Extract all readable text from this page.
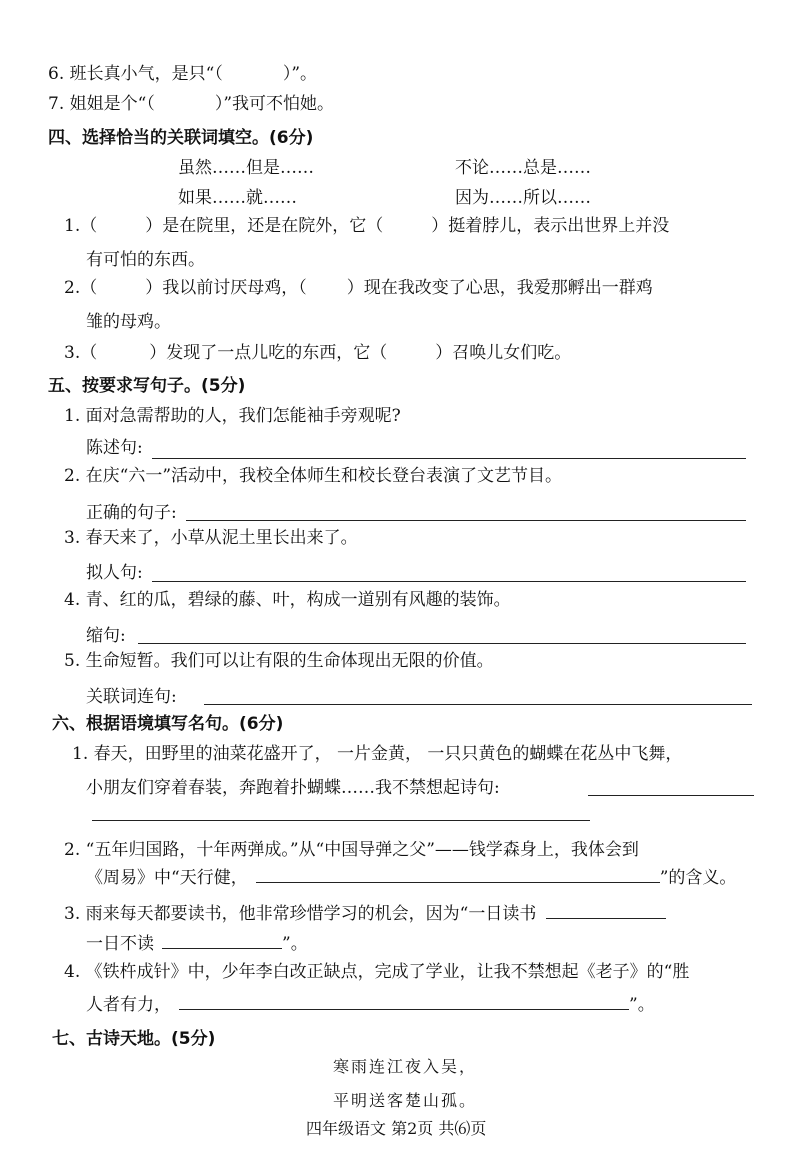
6. 班长真小气，是只“（	）”。
7. 姐姐是个“（	）”我可不怕她。
四、选择恰当的关联词填空。(6分)
虽然……但是……	不论……总是……
如果……就……	因为……所以……
1.（	）是在院里，还是在院外，它（	）挺着脖儿，表示出世界上并没
有可怕的东西。
2.（	）我以前讨厌母鸡，（ ）现在我改变了心思，我爱那孵出一群鸡
雏的母鸡。
3.（	）发现了一点儿吃的东西，它（	）召唤儿女们吃。
五、按要求写句子。(5分)
1. 面对急需帮助的人，我们怎能袖手旁观呢?
陈述句:
2. 在庆“六一”活动中，我校全体师生和校长登台表演了文艺节目。
正确的句子:
3. 春天来了，小草从泥土里长出来了。
拟人句:
4. 青、红的瓜，碧绿的藤、叶，构成一道别有风趣的装饰。
缩句:
5. 生命短暂。我们可以让有限的生命体现出无限的价值。
关联词连句:
六、根据语境填写名句。(6分)
1. 春天，田野里的油菜花盛开了， 一片金黄， 一只只黄色的蝴蝶在花丛中飞舞，
小朋友们穿着春装，奔跑着扑蝴蝶……我不禁想起诗句:
2. “五年归国路，十年两弹成。”从“中国导弹之父”——钱学森身上，我体会到
《周易》中“天行健，	”的含义。
3. 雨来每天都要读书，他非常珍惜学习的机会，因为“一日读书
一日不读	”。
4. 《铁杵成针》中，少年李白改正缺点，完成了学业，让我不禁想起《老子》的“胜
人者有力，	”。
七、古诗天地。(5分)
寒雨连江夜入吴，
平明送客楚山孤。
四年级语文 第2页 共⑹页
